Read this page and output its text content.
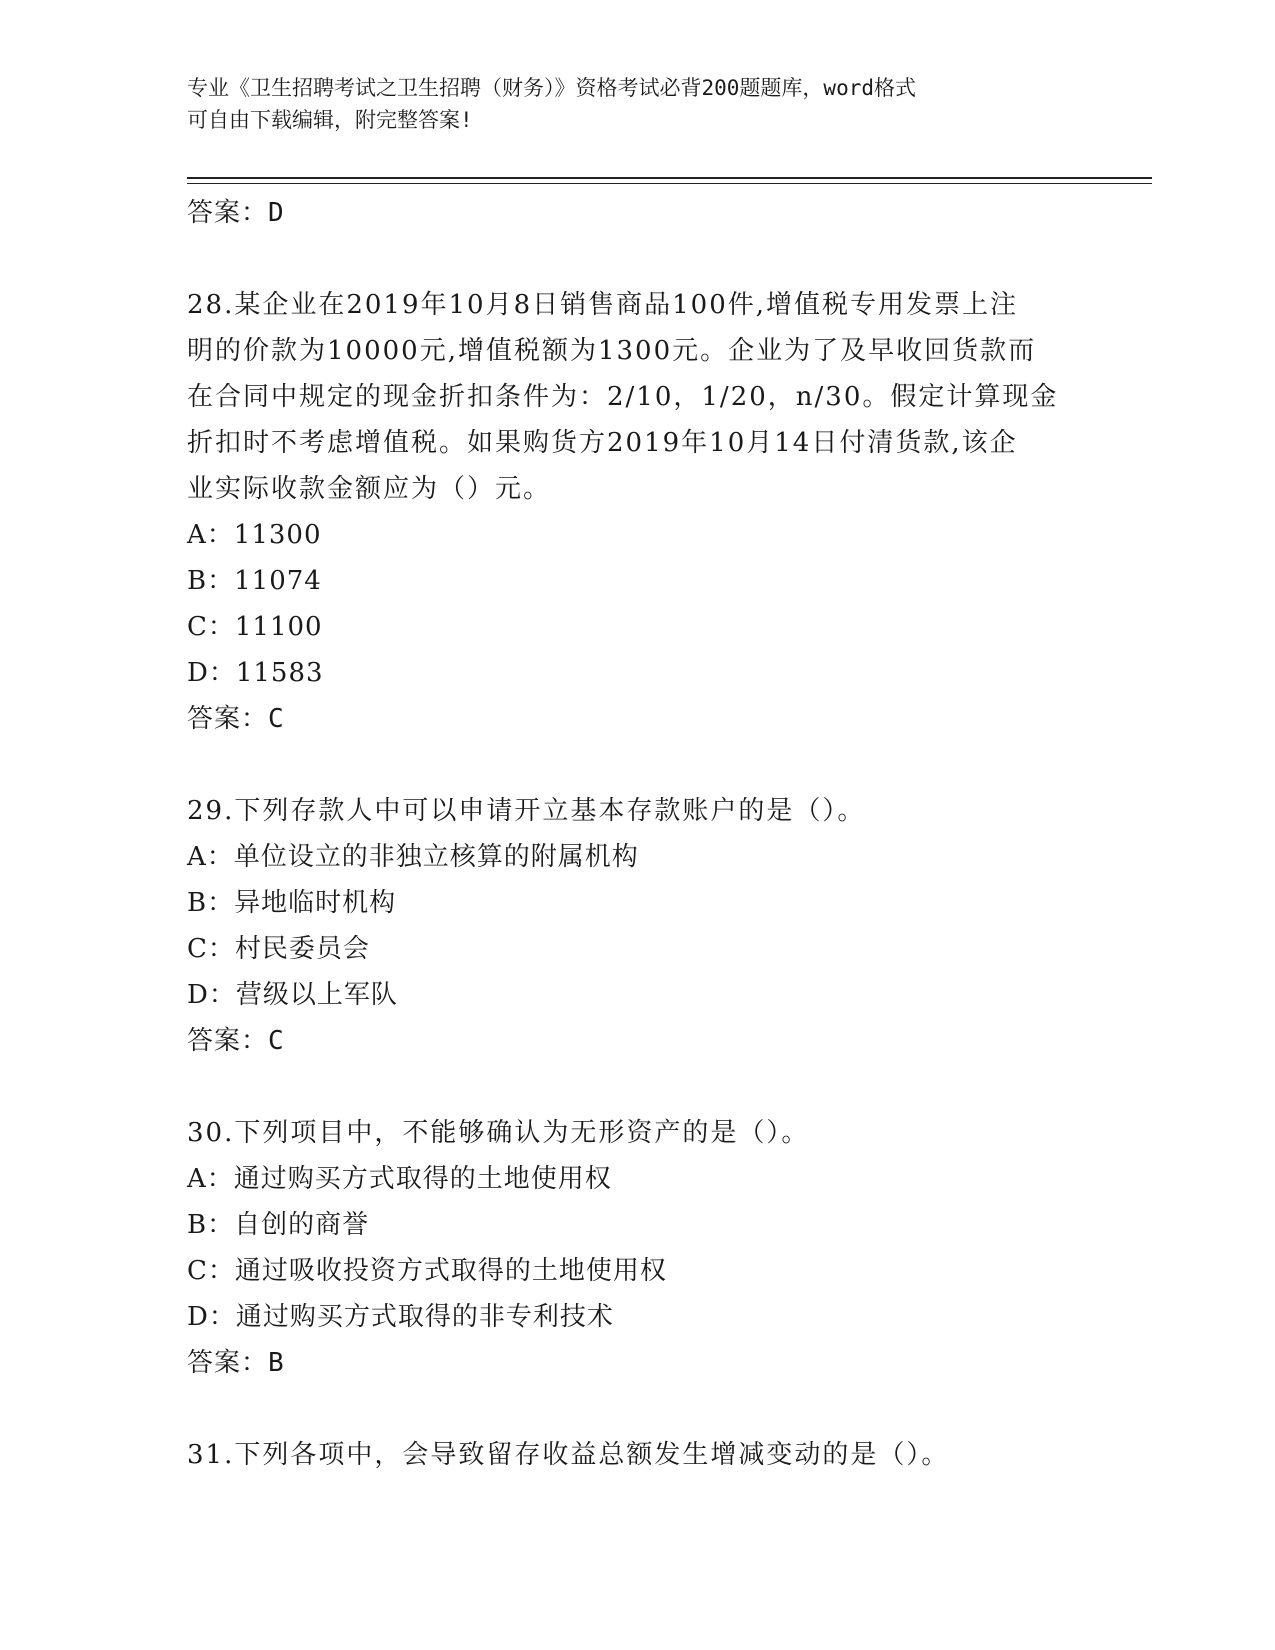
专业《卫生招聘考试之卫生招聘（财务）》资格考试必背200题题库，word格式

可自由下载编辑，附完整答案!

答案：D

28.某企业在2019年10月8日销售商品100件,增值税专用发票上注

明的价款为10000元,增值税额为1300元。企业为了及早收回货款而

在合同中规定的现金折扣条件为：2/10，1/20，n/30。假定计算现金

折扣时不考虑增值税。如果购货方2019年10月14日付清货款,该企

业实际收款金额应为（）元。

A：11300

B：11074

C：11100

D：11583

答案：C

29.下列存款人中可以申请开立基本存款账户的是（）。

A：单位设立的非独立核算的附属机构

B：异地临时机构

C：村民委员会

D：营级以上军队

答案：C

30.下列项目中，不能够确认为无形资产的是（）。

A：通过购买方式取得的土地使用权

B：自创的商誉

C：通过吸收投资方式取得的土地使用权

D：通过购买方式取得的非专利技术

答案：B

31.下列各项中，会导致留存收益总额发生增减变动的是（）。
